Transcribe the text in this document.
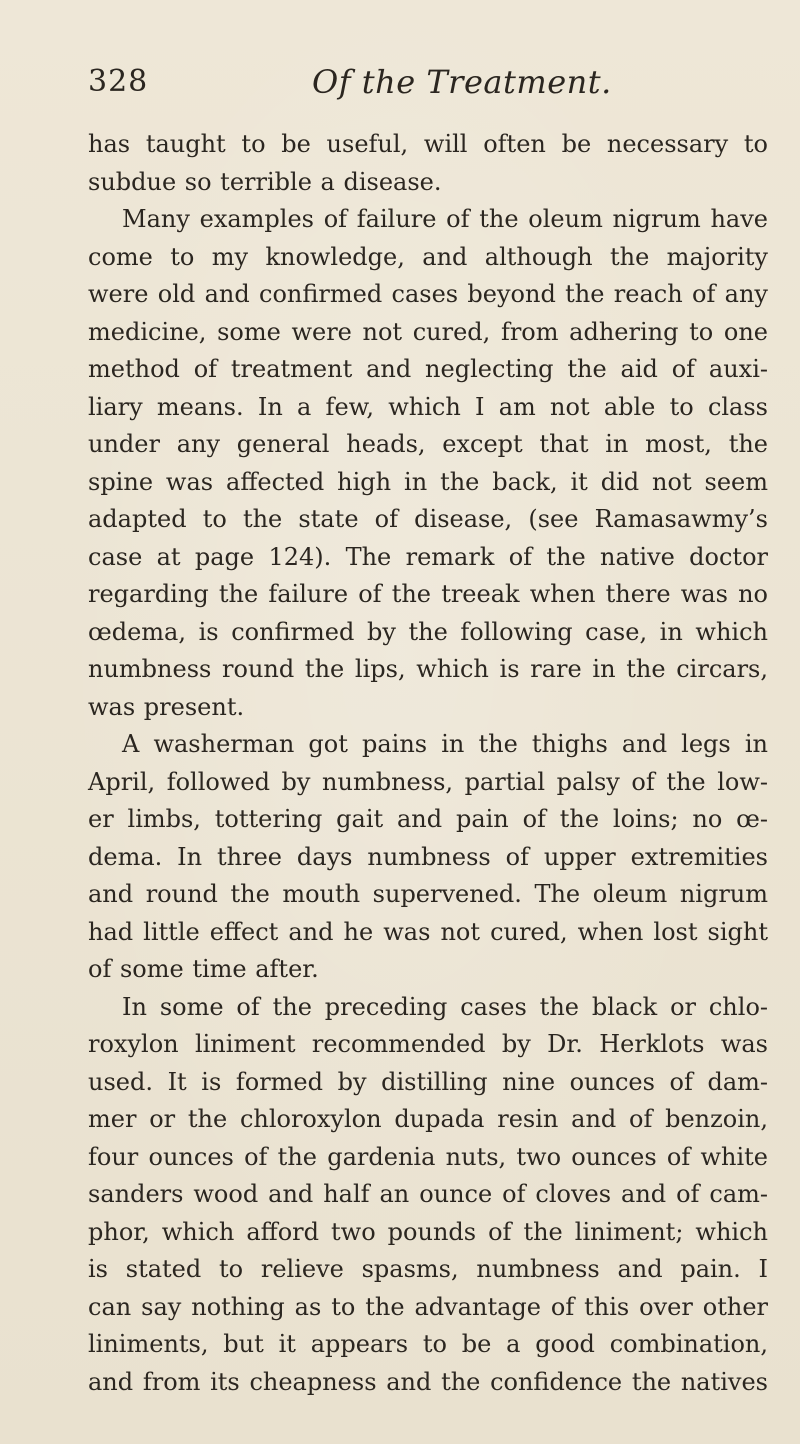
328	Of the Treatment.
has taught to be useful, will often be necessary to
subdue so terrible a disease.
Many examples of failure of the oleum nigrum have
come to my knowledge, and although the majority
were old and confirmed cases beyond the reach of any
medicine, some were not cured, from adhering to one
method of treatment and neglecting the aid of auxi-
liary means. In a few, which I am not able to class
under any general heads, except that in most, the
spine was affected high in the back, it did not seem
adapted to the state of disease, (see Ramasawmy’s
case at page 124). The remark of the native doctor
regarding the failure of the treeak when there was no
œdema, is confirmed by the following case, in which
numbness round the lips, which is rare in the circars,
was present.
A washerman got pains in the thighs and legs in
April, followed by numbness, partial palsy of the low-
er limbs, tottering gait and pain of the loins; no œ-
dema. In three days numbness of upper extremities
and round the mouth supervened. The oleum nigrum
had little effect and he was not cured, when lost sight
of some time after.
In some of the preceding cases the black or chlo-
roxylon liniment recommended by Dr. Herklots was
used. It is formed by distilling nine ounces of dam-
mer or the chloroxylon dupada resin and of benzoin,
four ounces of the gardenia nuts, two ounces of white
sanders wood and half an ounce of cloves and of cam-
phor, which afford two pounds of the liniment; which
is stated to relieve spasms, numbness and pain. I
can say nothing as to the advantage of this over other
liniments, but it appears to be a good combination,
and from its cheapness and the confidence the natives
